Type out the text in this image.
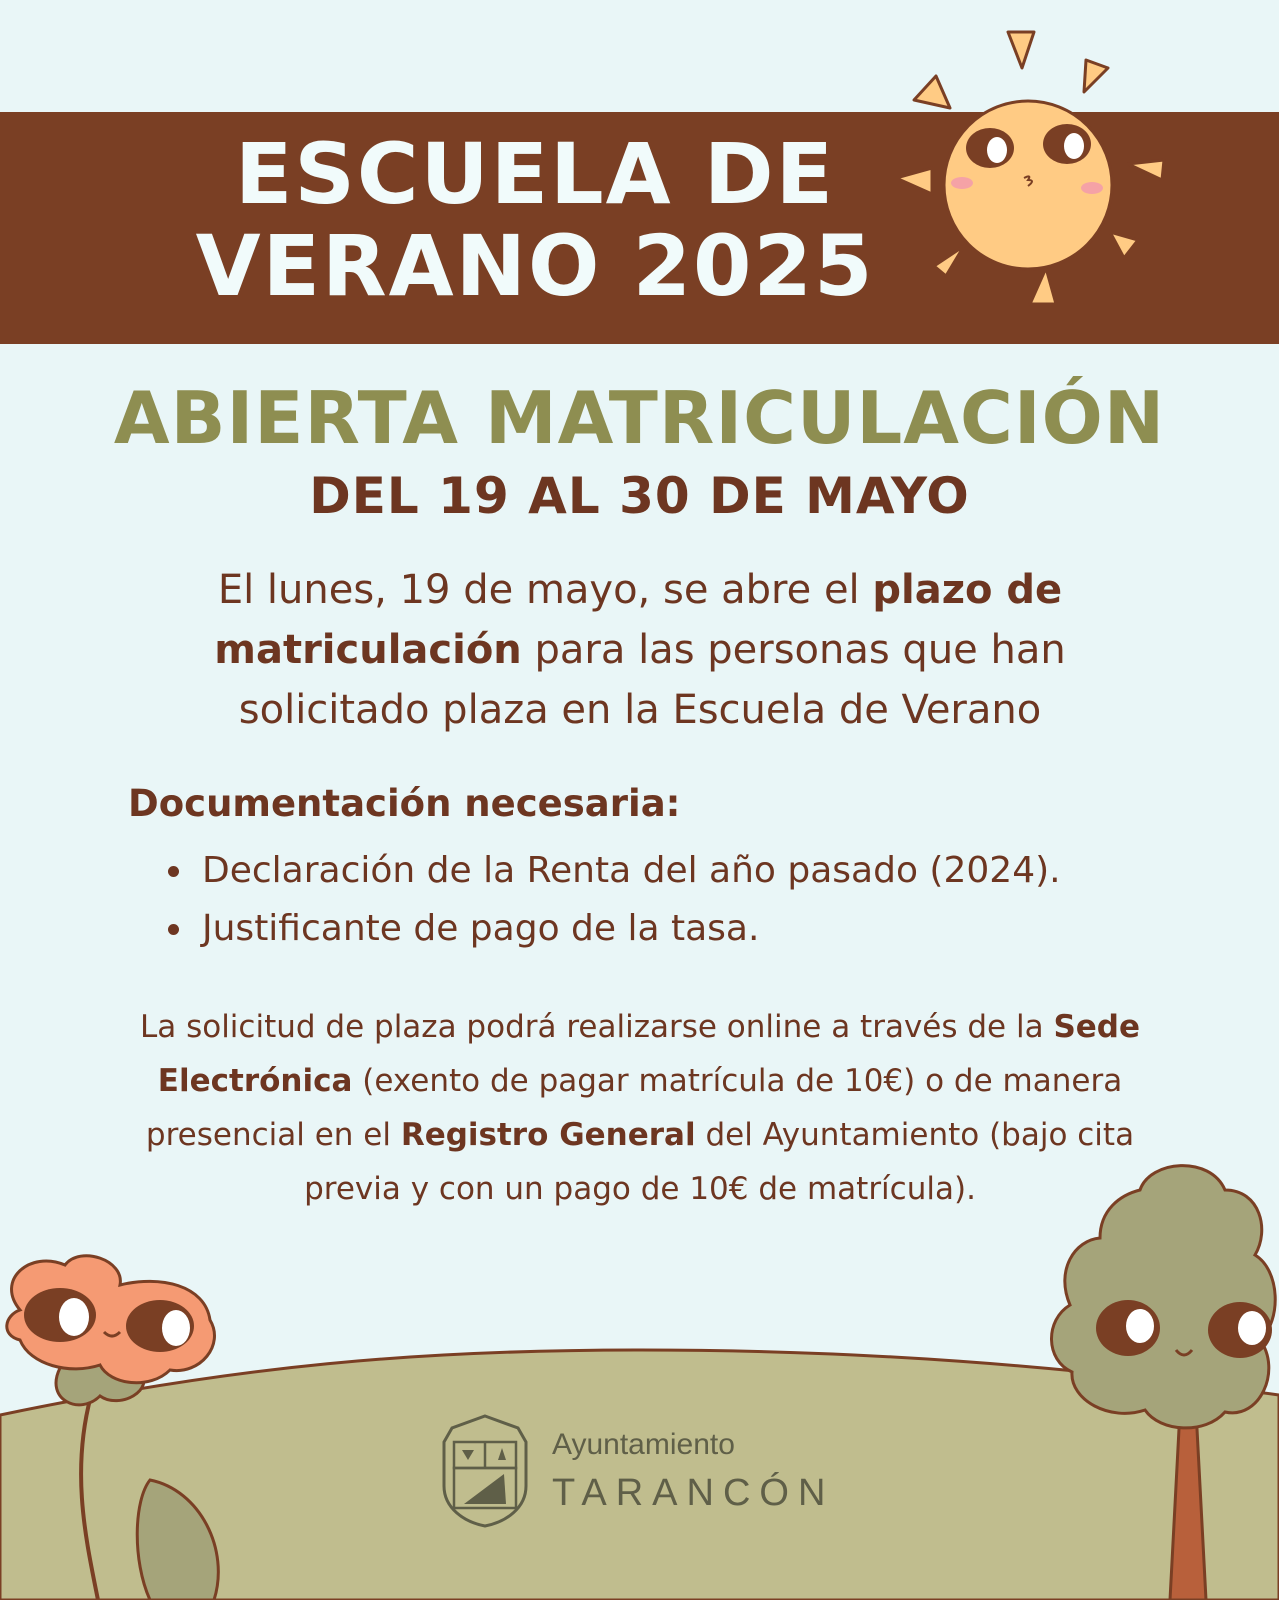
ESCUELA DE
VERANO 2025
ABIERTA MATRICULACIÓN
DEL 19 AL 30 DE MAYO
El lunes, 19 de mayo, se abre el plazo de matriculación para las personas que han solicitado plaza en la Escuela de Verano
Documentación necesaria:
Declaración de la Renta del año pasado (2024).
Justificante de pago de la tasa.
La solicitud de plaza podrá realizarse online a través de la Sede Electrónica (exento de pagar matrícula de 10€) o de manera presencial en el Registro General del Ayuntamiento (bajo cita previa y con un pago de 10€ de matrícula).
Ayuntamiento
TARANCÓN
